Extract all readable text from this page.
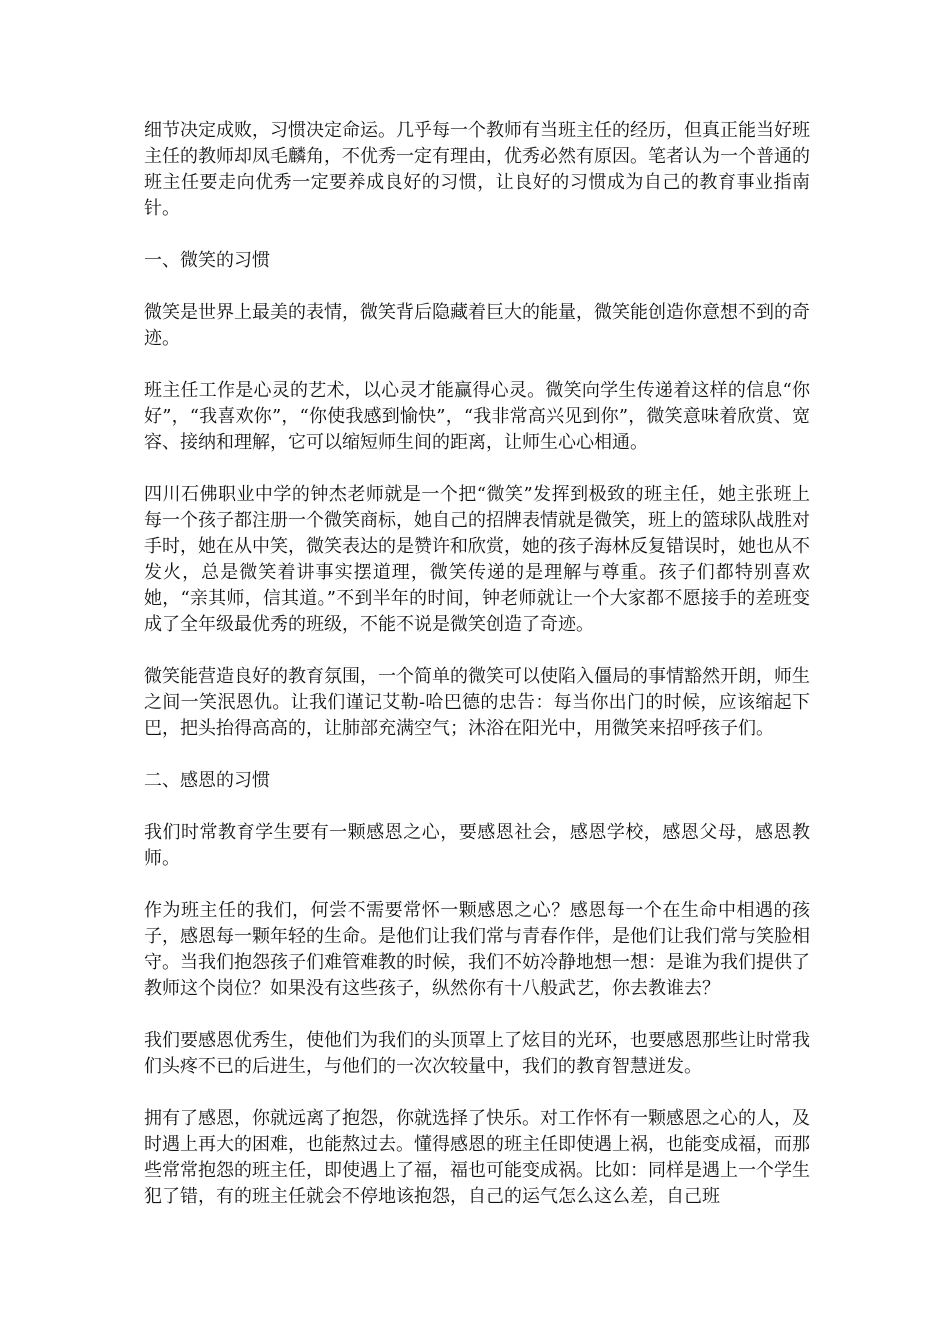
细节决定成败，习惯决定命运。几乎每一个教师有当班主任的经历，但真正能当好班主任的教师却凤毛麟角，不优秀一定有理由，优秀必然有原因。笔者认为一个普通的班主任要走向优秀一定要养成良好的习惯，让良好的习惯成为自己的教育事业指南针。

一、微笑的习惯

微笑是世界上最美的表情，微笑背后隐藏着巨大的能量，微笑能创造你意想不到的奇迹。

班主任工作是心灵的艺术，以心灵才能赢得心灵。微笑向学生传递着这样的信息“你好”，“我喜欢你”，“你使我感到愉快”，“我非常高兴见到你”，微笑意味着欣赏、宽容、接纳和理解，它可以缩短师生间的距离，让师生心心相通。

四川石佛职业中学的钟杰老师就是一个把“微笑”发挥到极致的班主任，她主张班上每一个孩子都注册一个微笑商标，她自己的招牌表情就是微笑，班上的篮球队战胜对手时，她在从中笑，微笑表达的是赞许和欣赏，她的孩子海林反复错误时，她也从不发火，总是微笑着讲事实摆道理，微笑传递的是理解与尊重。孩子们都特别喜欢她，“亲其师，信其道。”不到半年的时间，钟老师就让一个大家都不愿接手的差班变成了全年级最优秀的班级，不能不说是微笑创造了奇迹。

微笑能营造良好的教育氛围，一个简单的微笑可以使陷入僵局的事情豁然开朗，师生之间一笑泯恩仇。让我们谨记艾勒-哈巴德的忠告：每当你出门的时候，应该缩起下巴，把头抬得高高的，让肺部充满空气；沐浴在阳光中，用微笑来招呼孩子们。

二、感恩的习惯

我们时常教育学生要有一颗感恩之心，要感恩社会，感恩学校，感恩父母，感恩教师。

作为班主任的我们，何尝不需要常怀一颗感恩之心？感恩每一个在生命中相遇的孩子，感恩每一颗年轻的生命。是他们让我们常与青春作伴，是他们让我们常与笑脸相守。当我们抱怨孩子们难管难教的时候，我们不妨冷静地想一想：是谁为我们提供了教师这个岗位？如果没有这些孩子，纵然你有十八般武艺，你去教谁去？

我们要感恩优秀生，使他们为我们的头顶罩上了炫目的光环，也要感恩那些让时常我们头疼不已的后进生，与他们的一次次较量中，我们的教育智慧迸发。

拥有了感恩，你就远离了抱怨，你就选择了快乐。对工作怀有一颗感恩之心的人，及时遇上再大的困难，也能熬过去。懂得感恩的班主任即使遇上祸，也能变成福，而那些常常抱怨的班主任，即使遇上了福，福也可能变成祸。比如：同样是遇上一个学生犯了错，有的班主任就会不停地该抱怨，自己的运气怎么这么差，自己班
